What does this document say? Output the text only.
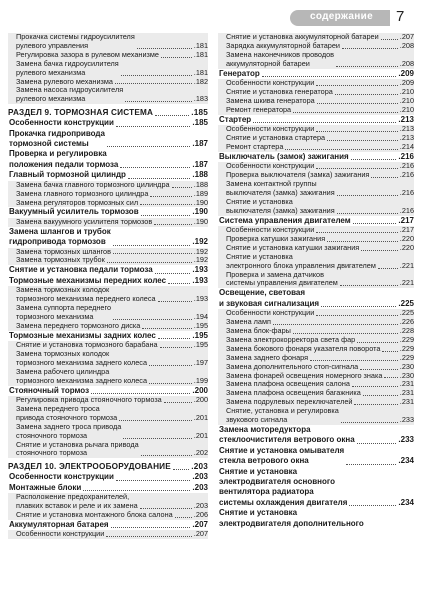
содержание 7
Прокачка системы гидроусилителя
рулевого управления	.181
Регулировка зазора в рулевом механизме	.181
Замена бачка гидроусилителя
рулевого механизма	.181
Замена рулевого механизма	.182
Замена насоса гидроусилителя
рулевого механизма	.183
РАЗДЕЛ 9. ТОРМОЗНАЯ СИСТЕМА	.185
Особенности конструкции	.185
Прокачка гидропривода
тормозной системы	.187
Проверка и регулировка
положения педали тормоза	.187
Главный тормозной цилиндр	.188
Замена бачка главного тормозного цилиндра	.188
Замена главного тормозного цилиндра	.189
Замена регуляторов тормозных сил	.190
Вакуумный усилитель тормозов	.190
Замена вакуумного усилителя тормозов	.190
Замена шлангов и трубок
гидропривода тормозов	.192
Замена тормозных шлангов	.192
Замена тормозных трубок	.192
Снятие и установка педали тормоза	.193
Тормозные механизмы передних колес	.193
Замена тормозных колодок
тормозного механизма переднего колеса	.193
Замена суппорта переднего
тормозного механизма	.194
Замена переднего тормозного диска	.195
Тормозные механизмы задних колес	.195
Снятие и установка тормозного барабана	.195
Замена тормозных колодок
тормозного механизма заднего колеса	.197
Замена рабочего цилиндра
тормозного механизма заднего колеса	.199
Стояночный тормоз	.200
Регулировка привода стояночного тормоза	.200
Замена переднего троса
привода стояночного тормоза	.201
Замена заднего троса привода
стояночного тормоза	.201
Снятие и установка рычага привода
стояночного тормоза	.202
РАЗДЕЛ 10. ЭЛЕКТРООБОРУДОВАНИЕ .203
Особенности конструкции	.203
Монтажные блоки	.203
Расположение предохранителей,
плавких вставок и реле и их замена	.203
Снятие и установка монтажного блока салона	.206
Аккумуляторная батарея	.207
Особенности конструкции	.207
Снятие и установка аккумуляторной батареи	.207
Зарядка аккумуляторной батареи	.208
Замена наконечников проводов
аккумуляторной батареи	.208
Генератор	.209
Особенности конструкции	.209
Снятие и установка генератора	.210
Замена шкива генератора	.210
Ремонт генератора	.210
Стартер	.213
Особенности конструкции	.213
Снятие и установка стартера	.213
Ремонт стартера	.214
Выключатель (замок) зажигания	.216
Особенности конструкции	.216
Проверка выключателя (замка) зажигания	.216
Замена контактной группы
выключателя (замка) зажигания	.216
Снятие и установка
выключателя (замка) зажигания	.216
Система управления двигателем	.217
Особенности конструкции	.217
Проверка катушки зажигания	.220
Снятие и установка катушки зажигания	.220
Снятие и установка
электронного блока управления двигателем	.221
Проверка и замена датчиков
системы управления двигателем	.221
Освещение, световая
и звуковая сигнализация	.225
Особенности конструкции	.225
Замена ламп	.226
Замена блок-фары	.228
Замена электрокорректора света фар	.229
Замена бокового фонаря указателя поворота	.229
Замена заднего фонаря	.229
Замена дополнительного стоп-сигнала	.230
Замена фонарей освещения номерного знака .230
Замена плафона освещения салона	.231
Замена плафона освещения багажника	.231
Замена подрулевых переключателей	.231
Снятие, установка и регулировка
звукового сигнала	.233
Замена моторедуктора
стеклоочистителя ветрового окна	.233
Снятие и установка омывателя
стекла ветрового окна	.234
Снятие и установка
электродвигателя основного
вентилятора радиатора
системы охлаждения двигателя	.234
Снятие и установка
электродвигателя дополнительного
